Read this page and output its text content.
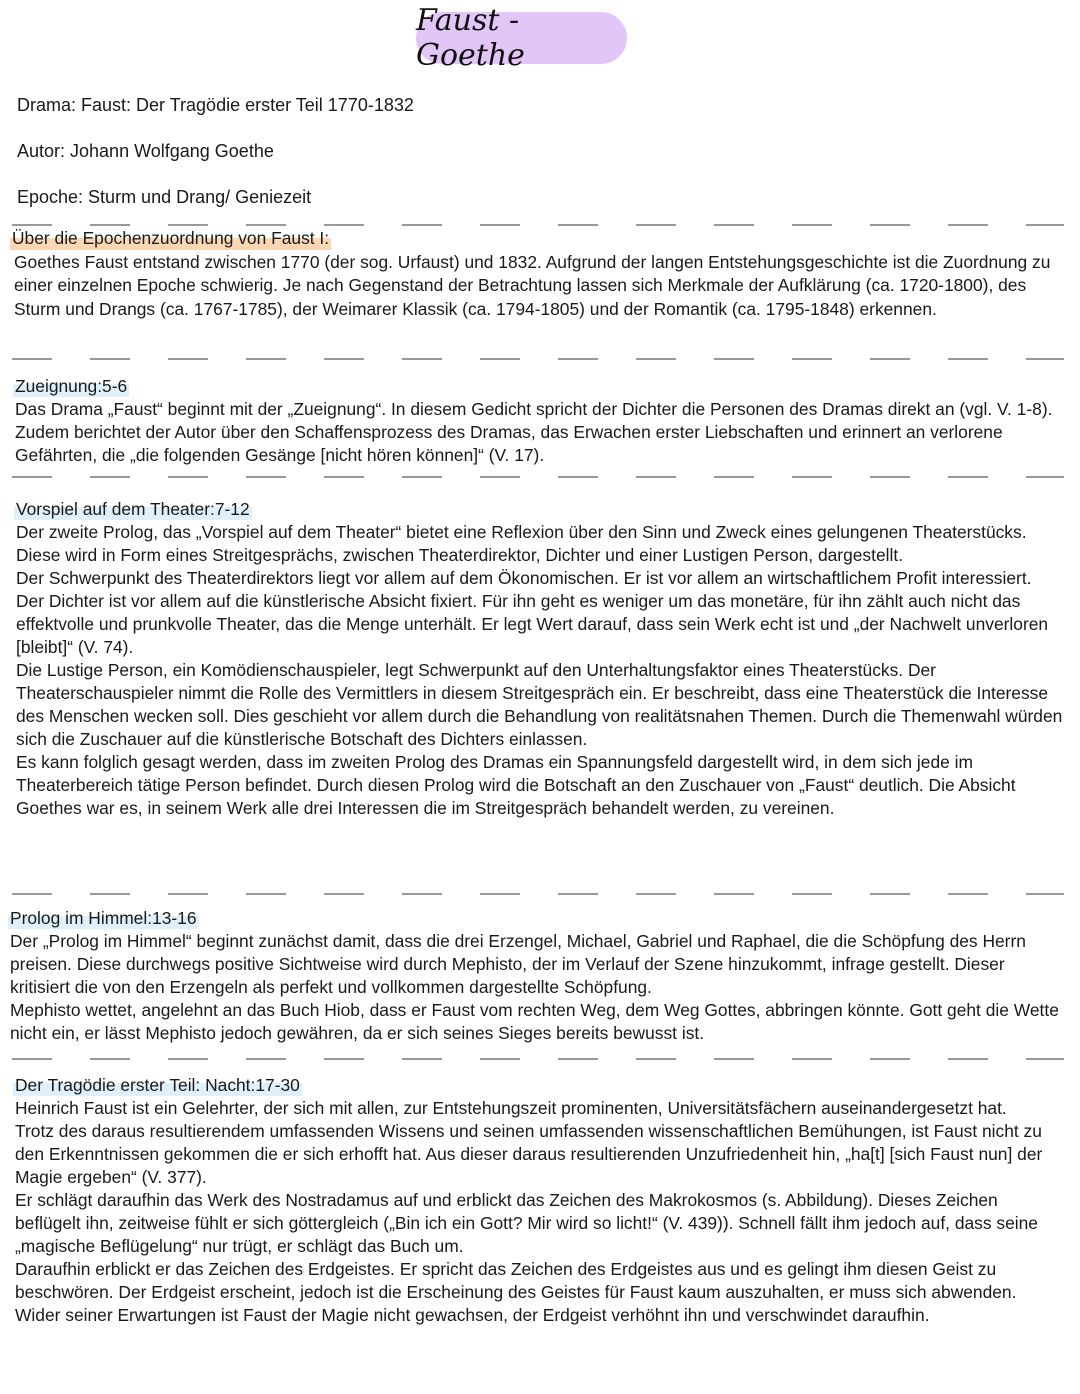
Faust -Goethe
Drama: Faust: Der Tragödie erster Teil 1770-1832
Autor: Johann Wolfgang Goethe
Epoche: Sturm und Drang/ Geniezeit
Über die Epochenzuordnung von Faust I:

Goethes Faust entstand zwischen 1770 (der sog. Urfaust) und 1832. Aufgrund der langen Entstehungsgeschichte ist die Zuordnung zu einer einzelnen Epoche schwierig. Je nach Gegenstand der Betrachtung lassen sich Merkmale der Aufklärung (ca. 1720-1800), des Sturm und Drangs (ca. 1767-1785), der Weimarer Klassik (ca. 1794-1805) und der Romantik (ca. 1795-1848) erkennen.

Zueignung:5-6

Das Drama „Faust“ beginnt mit der „Zueignung“. In diesem Gedicht spricht der Dichter die Personen des Dramas direkt an (vgl. V. 1-8). Zudem berichtet der Autor über den Schaffensprozess des Dramas, das Erwachen erster Liebschaften und erinnert an verlorene Gefährten, die „die folgenden Gesänge [nicht hören können]“ (V. 17).

Vorspiel auf dem Theater:7-12

Der zweite Prolog, das „Vorspiel auf dem Theater“ bietet eine Reflexion über den Sinn und Zweck eines gelungenen Theaterstücks. Diese wird in Form eines Streitgesprächs, zwischen Theaterdirektor, Dichter und einer Lustigen Person, dargestellt.

Der Schwerpunkt des Theaterdirektors liegt vor allem auf dem Ökonomischen. Er ist vor allem an wirtschaftlichem Profit interessiert.

Der Dichter ist vor allem auf die künstlerische Absicht fixiert. Für ihn geht es weniger um das monetäre, für ihn zählt auch nicht das effektvolle und prunkvolle Theater, das die Menge unterhält. Er legt Wert darauf, dass sein Werk echt ist und „der Nachwelt unverloren [bleibt]“ (V. 74).

Die Lustige Person, ein Komödienschauspieler, legt Schwerpunkt auf den Unterhaltungsfaktor eines Theaterstücks. Der Theaterschauspieler nimmt die Rolle des Vermittlers in diesem Streitgespräch ein. Er beschreibt, dass eine Theaterstück die Interesse des Menschen wecken soll. Dies geschieht vor allem durch die Behandlung von realitätsnahen Themen. Durch die Themenwahl würden sich die Zuschauer auf die künstlerische Botschaft des Dichters einlassen.

Es kann folglich gesagt werden, dass im zweiten Prolog des Dramas ein Spannungsfeld dargestellt wird, in dem sich jede im Theaterbereich tätige Person befindet. Durch diesen Prolog wird die Botschaft an den Zuschauer von „Faust“ deutlich. Die Absicht Goethes war es, in seinem Werk alle drei Interessen die im Streitgespräch behandelt werden, zu vereinen.

Prolog im Himmel:13-16

Der „Prolog im Himmel“ beginnt zunächst damit, dass die drei Erzengel, Michael, Gabriel und Raphael, die die Schöpfung des Herrn preisen. Diese durchwegs positive Sichtweise wird durch Mephisto, der im Verlauf der Szene hinzukommt, infrage gestellt. Dieser kritisiert die von den Erzengeln als perfekt und vollkommen dargestellte Schöpfung.

Mephisto wettet, angelehnt an das Buch Hiob, dass er Faust vom rechten Weg, dem Weg Gottes, abbringen könnte. Gott geht die Wette nicht ein, er lässt Mephisto jedoch gewähren, da er sich seines Sieges bereits bewusst ist.

Der Tragödie erster Teil: Nacht:17-30

Heinrich Faust ist ein Gelehrter, der sich mit allen, zur Entstehungszeit prominenten, Universitätsfächern auseinandergesetzt hat. Trotz des daraus resultierendem umfassenden Wissens und seinen umfassenden wissenschaftlichen Bemühungen, ist Faust nicht zu den Erkenntnissen gekommen die er sich erhofft hat. Aus dieser daraus resultierenden Unzufriedenheit hin, „ha[t] [sich Faust nun] der Magie ergeben“ (V. 377).

Er schlägt daraufhin das Werk des Nostradamus auf und erblickt das Zeichen des Makrokosmos (s. Abbildung). Dieses Zeichen beflügelt ihn, zeitweise fühlt er sich göttergleich („Bin ich ein Gott? Mir wird so licht!“ (V. 439)). Schnell fällt ihm jedoch auf, dass seine „magische Beflügelung“ nur trügt, er schlägt das Buch um.

Daraufhin erblickt er das Zeichen des Erdgeistes. Er spricht das Zeichen des Erdgeistes aus und es gelingt ihm diesen Geist zu beschwören. Der Erdgeist erscheint, jedoch ist die Erscheinung des Geistes für Faust kaum auszuhalten, er muss sich abwenden. Wider seiner Erwartungen ist Faust der Magie nicht gewachsen, der Erdgeist verhöhnt ihn und verschwindet daraufhin.
